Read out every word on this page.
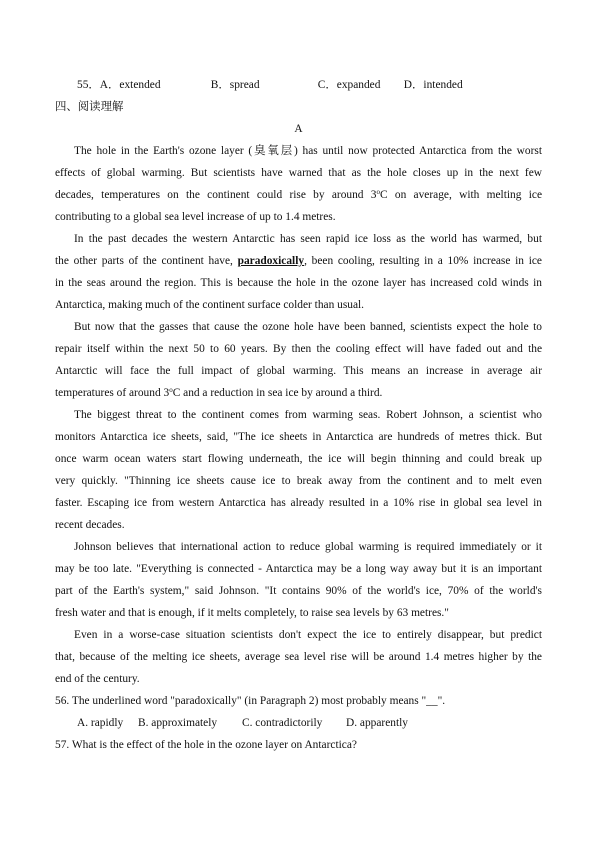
55．A．extended	B．spread	C．expanded D．intended
四、阅读理解
A
The hole in the Earth's ozone layer (臭氧层) has until now protected Antarctica from the worst
effects of global warming. But scientists have warned that as the hole closes up in the next few
decades, temperatures on the continent could rise by around 3$^o$C on average, with melting ice
contributing to a global sea level increase of up to 1.4 metres.
In the past decades the western Antarctic has seen rapid ice loss as the world has warmed, but
the other parts of the continent have, paradoxically, been cooling, resulting in a 10% increase in ice
in the seas around the region. This is because the hole in the ozone layer has increased cold winds in
Antarctica, making much of the continent surface colder than usual.
But now that the gasses that cause the ozone hole have been banned, scientists expect the hole to
repair itself within the next 50 to 60 years. By then the cooling effect will have faded out and the
Antarctic will face the full impact of global warming. This means an increase in average air
temperatures of around 3$^o$C and a reduction in sea ice by around a third.
The biggest threat to the continent comes from warming seas. Robert Johnson, a scientist who
monitors Antarctica ice sheets, said, "The ice sheets in Antarctica are hundreds of metres thick. But
once warm ocean waters start flowing underneath, the ice will begin thinning and could break up
very quickly. "Thinning ice sheets cause ice to break away from the continent and to melt even
faster. Escaping ice from western Antarctica has already resulted in a 10% rise in global sea level in
recent decades.
Johnson believes that international action to reduce global warming is required immediately or it
may be too late. "Everything is connected - Antarctica may be a long way away but it is an important
part of the Earth's system," said Johnson. "It contains 90% of the world's ice, 70% of the world's
fresh water and that is enough, if it melts completely, to raise sea levels by 63 metres."
Even in a worse-case situation scientists don't expect the ice to entirely disappear, but predict
that, because of the melting ice sheets, average sea level rise will be around 1.4 metres higher by the
end of the century.
56. The underlined word "paradoxically" (in Paragraph 2) most probably means "__".
A. rapidly B. approximately C. contradictorily D. apparently
57. What is the effect of the hole in the ozone layer on Antarctica?
